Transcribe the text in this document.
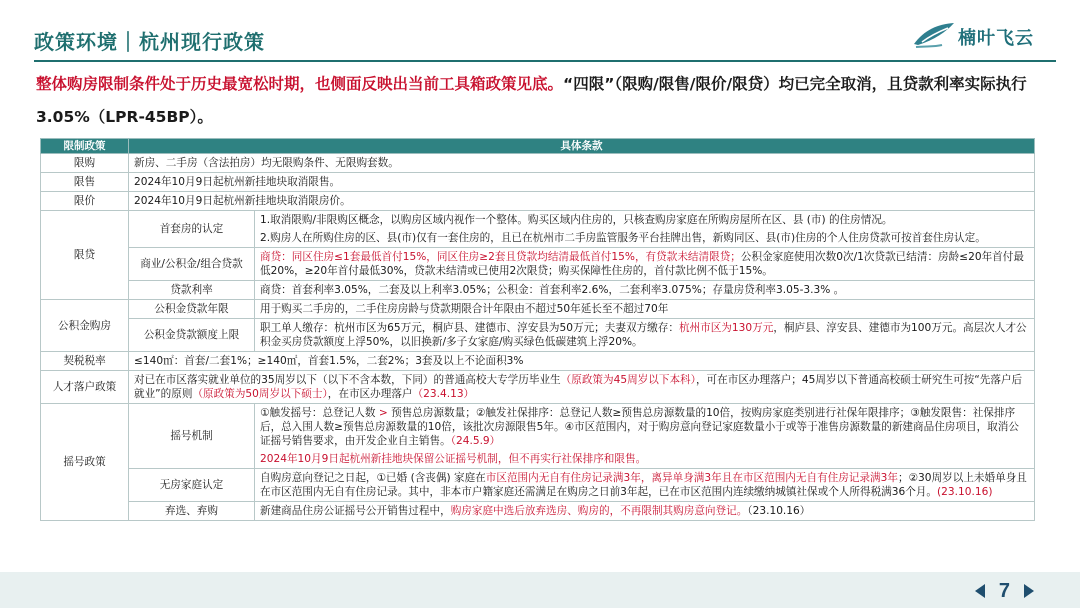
政策环境｜杭州现行政策	楠叶飞云
整体购房限制条件处于历史最宽松时期，也侧面反映出当前工具箱政策见底。“四限”（限购/限售/限价/限贷）均已完全取消，且贷款利率实际执行3.05%（LPR-45BP）。
限制政策	具体条款	
限购	新房、二手房（含法拍房）均无限购条件、无限购套数。	
限售	2024年10月9日起杭州新挂地块取消限售。	
限价	2024年10月9日起杭州新挂地块取消限房价。	
限贷	首套房的认定	1.取消限购/非限购区概念，以购房区域内视作一个整体。购买区域内住房的，只核查购房家庭在所购房屋所在区、县 (市) 的住房情况。
2.购房人在所购住房的区、县(市)仅有一套住房的，且已在杭州市二手房监管服务平台挂牌出售，新购同区、县(市)住房的个人住房贷款可按首套住房认定。

	商业/公积金/组合贷款	商贷：同区住房≤1套最低首付15%，同区住房≥2套且贷款均结清最低首付15%，有贷款未结清限贷；公积金家庭使用次数0次/1次贷款已结清：房龄≤20年首付最低20%，≥20年首付最低30%，贷款未结清或已使用2次限贷；购买保障性住房的，首付款比例不低于15%。
	贷款利率	商贷：首套利率3.05%，二套及以上利率3.05%；公积金：首套利率2.6%，二套利率3.075%；存量房贷利率3.05-3.3% 。
公积金购房	公积金贷款年限	用于购买二手房的，二手住房房龄与贷款期限合计年限由不超过50年延长至不超过70年
	公积金贷款额度上限	职工单人缴存：杭州市区为65万元，桐庐县、建德市、淳安县为50万元；夫妻双方缴存：杭州市区为130万元，桐庐县、淳安县、建德市为100万元。高层次人才公积金买房贷款额度上浮50%，以旧换新/多子女家庭/购买绿色低碳建筑上浮20%。
契税税率	≤140㎡：首套/二套1%；≥140㎡，首套1.5%，二套2%；3套及以上不论面积3%	
人才落户政策	对已在市区落实就业单位的35周岁以下（以下不含本数，下同）的普通高校大专学历毕业生（原政策为45周岁以下本科），可在市区办理落户；45周岁以下普通高校硕士研究生可按“先落户后就业”的原则（原政策为50周岁以下硕士），在市区办理落户（23.4.13）	
摇号政策	摇号机制	①触发摇号：总登记人数 > 预售总房源数量；②触发社保排序：总登记人数≥预售总房源数量的10倍，按购房家庭类别进行社保年限排序；③触发限售：社保排序后，总入围人数≥预售总房源数量的10倍，该批次房源限售5年。④市区范围内，对于购房意向登记家庭数量小于或等于准售房源数量的新建商品住房项目，取消公证摇号销售要求，由开发企业自主销售。（24.5.9）
2024年10月9日起杭州新挂地块保留公证摇号机制，但不再实行社保排序和限售。

	无房家庭认定	自购房意向登记之日起，①已婚 (含丧偶) 家庭在市区范围内无自有住房记录满3年，离异单身满3年且在市区范围内无自有住房记录满3年；②30周岁以上未婚单身且在市区范围内无自有住房记录。其中，非本市户籍家庭还需满足在购房之日前3年起，已在市区范围内连续缴纳城镇社保或个人所得税满36个月。(23.10.16)
	弃选、弃购	新建商品住房公证摇号公开销售过程中，购房家庭中选后放弃选房、购房的，不再限制其购房意向登记。（23.10.16）
7
